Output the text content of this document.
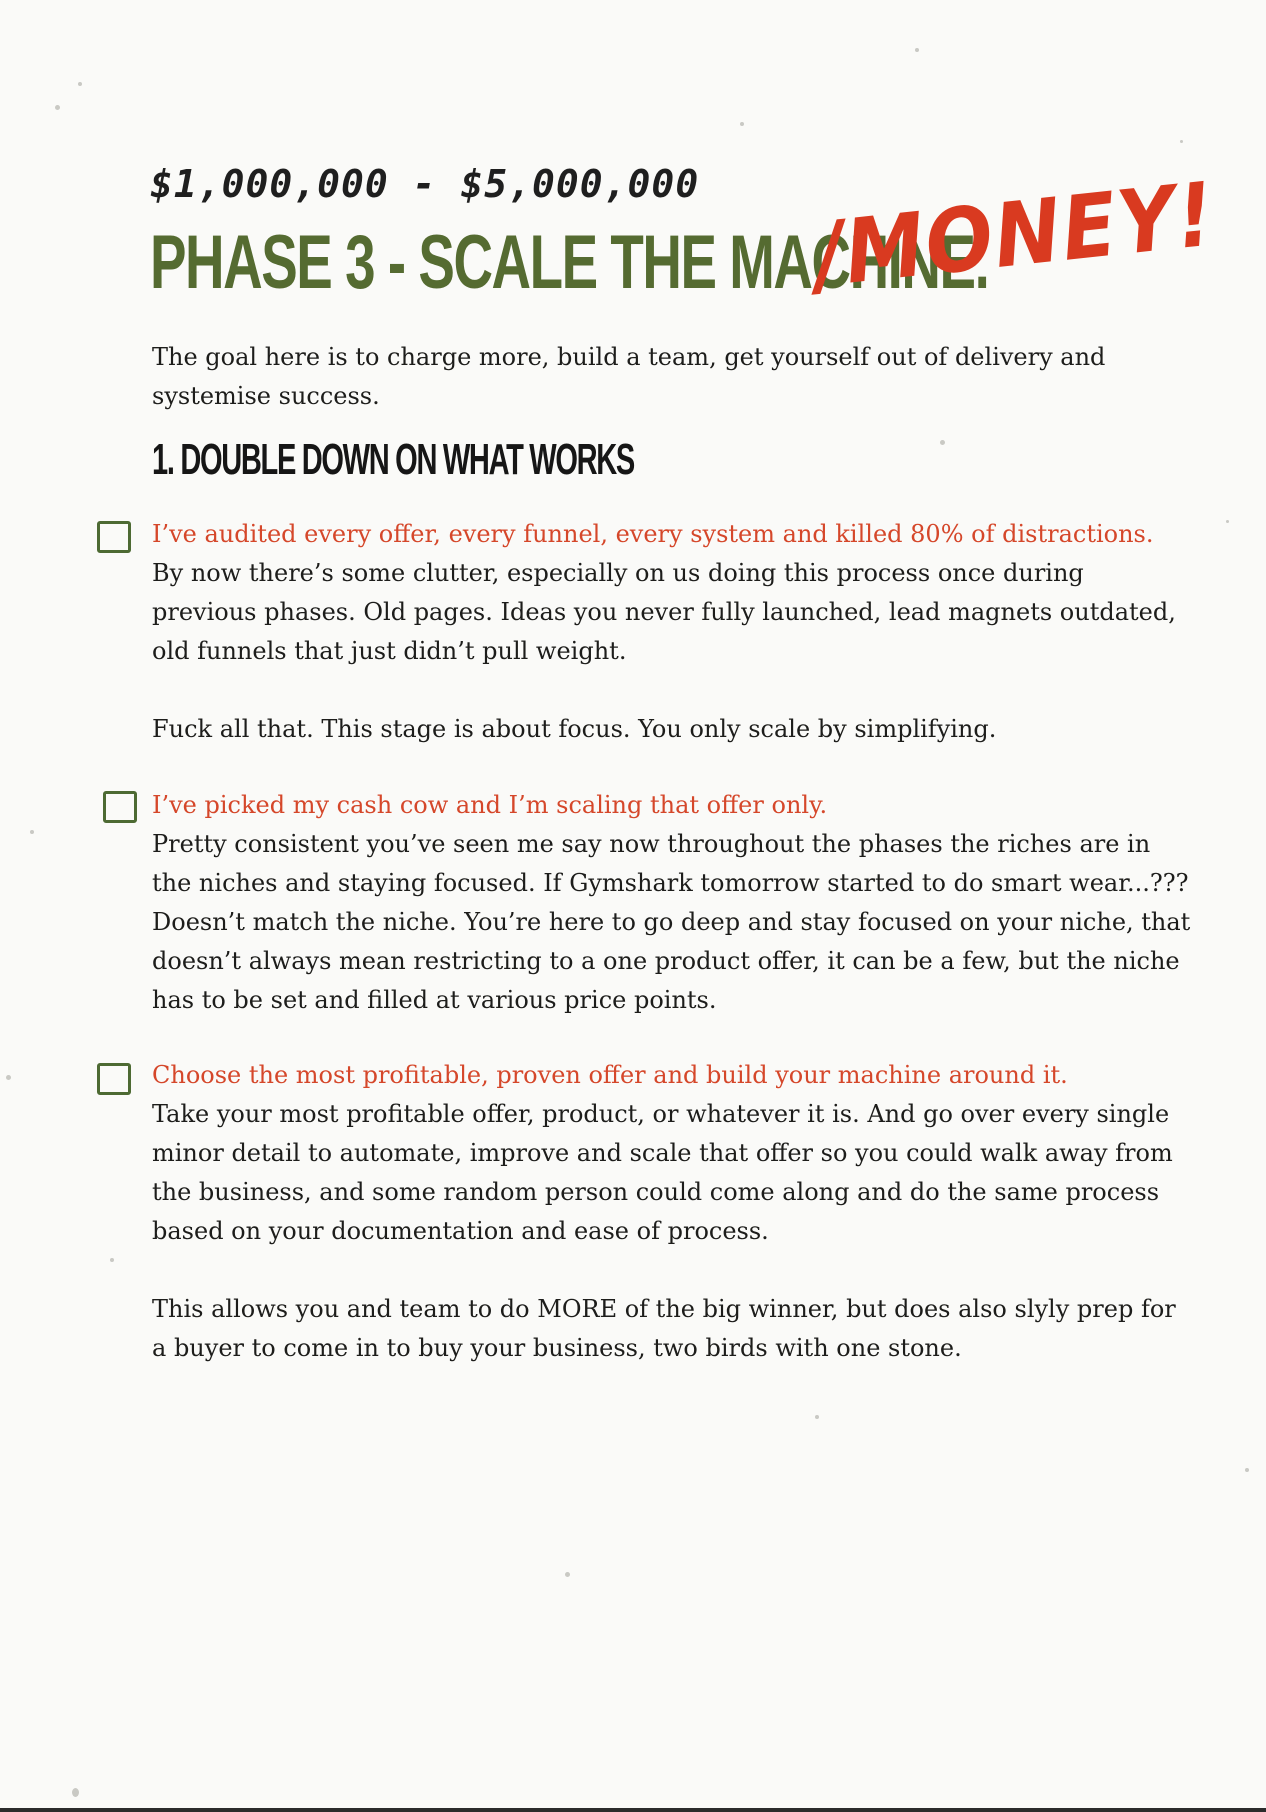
$1,000,000 - $5,000,000
PHASE 3 - SCALE THE MACHINE.
/MONEY!
The goal here is to charge more, build a team, get yourself out of delivery and systemise success.
1. DOUBLE DOWN ON WHAT WORKS
I’ve audited every offer, every funnel, every system and killed 80% of distractions.

By now there’s some clutter, especially on us doing this process once during previous phases. Old pages. Ideas you never fully launched, lead magnets outdated, old funnels that just didn’t pull weight.

Fuck all that. This stage is about focus. You only scale by simplifying.

I’ve picked my cash cow and I’m scaling that offer only.

Pretty consistent you’ve seen me say now throughout the phases the riches are in the niches and staying focused. If Gymshark tomorrow started to do smart wear...??? Doesn’t match the niche. You’re here to go deep and stay focused on your niche, that doesn’t always mean restricting to a one product offer, it can be a few, but the niche has to be set and filled at various price points.

Choose the most profitable, proven offer and build your machine around it.

Take your most profitable offer, product, or whatever it is. And go over every single minor detail to automate, improve and scale that offer so you could walk away from the business, and some random person could come along and do the same process based on your documentation and ease of process.

This allows you and team to do MORE of the big winner, but does also slyly prep for a buyer to come in to buy your business, two birds with one stone.
